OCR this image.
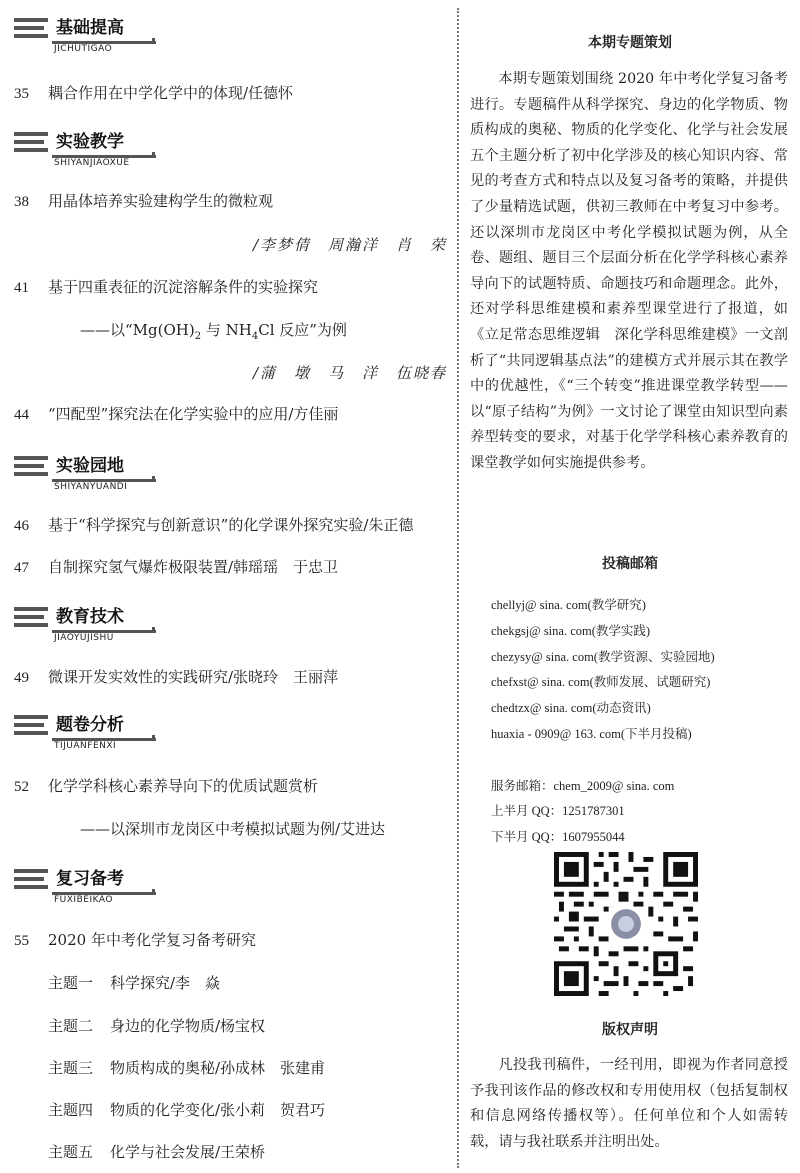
基础提高
JICHUTIGAO
35 耦合作用在中学化学中的体现/任德怀
实验教学
SHIYANJIAOXUE
38 用晶体培养实验建构学生的微粒观
/李梦倩　周瀚洋　肖　荣
41 基于四重表征的沉淀溶解条件的实验探究
——以“$Mg(OH)_2$ 与 $NH_4Cl$ 反应”为例
/蒲　墩　马　洋　伍晓春
44 “四配型”探究法在化学实验中的应用/方佳丽
实验园地
SHIYANYUANDI
46 基于“科学探究与创新意识”的化学课外探究实验/朱正德
47 自制探究氢气爆炸极限装置/韩瑶瑶　于忠卫
教育技术
JIAOYUJISHU
49 微课开发实效性的实践研究/张晓玲　王丽萍
题卷分析
TIJUANFENXI
52 化学学科核心素养导向下的优质试题赏析
——以深圳市龙岗区中考模拟试题为例/艾进达
复习备考
FUXIBEIKAO
55 2020 年中考化学复习备考研究
主题一 科学探究/李　焱
主题二 身边的化学物质/杨宝权
主题三 物质构成的奥秘/孙成林　张建甫
主题四 物质的化学变化/张小莉　贺君巧
主题五 化学与社会发展/王荣桥
本期专题策划
本期专题策划围绕 2020 年中考化学复习备考进行。专题稿件从科学探究、身边的化学物质、物质构成的奥秘、物质的化学变化、化学与社会发展五个主题分析了初中化学涉及的核心知识内容、常见的考查方式和特点以及复习备考的策略，并提供了少量精选试题，供初三教师在中考复习中参考。还以深圳市龙岗区中考化学模拟试题为例，从全卷、题组、题目三个层面分析在化学学科核心素养导向下的试题特质、命题技巧和命题理念。此外，还对学科思维建模和素养型课堂进行了报道，如《立足常态思维逻辑　深化学科思维建模》一文剖析了“共同逻辑基点法”的建模方式并展示其在教学中的优越性，《“三个转变”推进课堂教学转型——以“原子结构”为例》一文讨论了课堂由知识型向素养型转变的要求，对基于化学学科核心素养教育的课堂教学如何实施提供参考。
投稿邮箱
chellyj@ sina. com(教学研究)
chekgsj@ sina. com(教学实践)
chezysy@ sina. com(教学资源、实验园地)
chefxst@ sina. com(教师发展、试题研究)
chedtzx@ sina. com(动态资讯)
huaxia - 0909@ 163. com(下半月投稿)
服务邮箱：chem_2009@ sina. com
上半月 QQ：1251787301
下半月 QQ：1607955044
版权声明
凡投我刊稿件，一经刊用，即视为作者同意授予我刊该作品的修改权和专用使用权（包括复制权和信息网络传播权等）。任何单位和个人如需转载，请与我社联系并注明出处。
